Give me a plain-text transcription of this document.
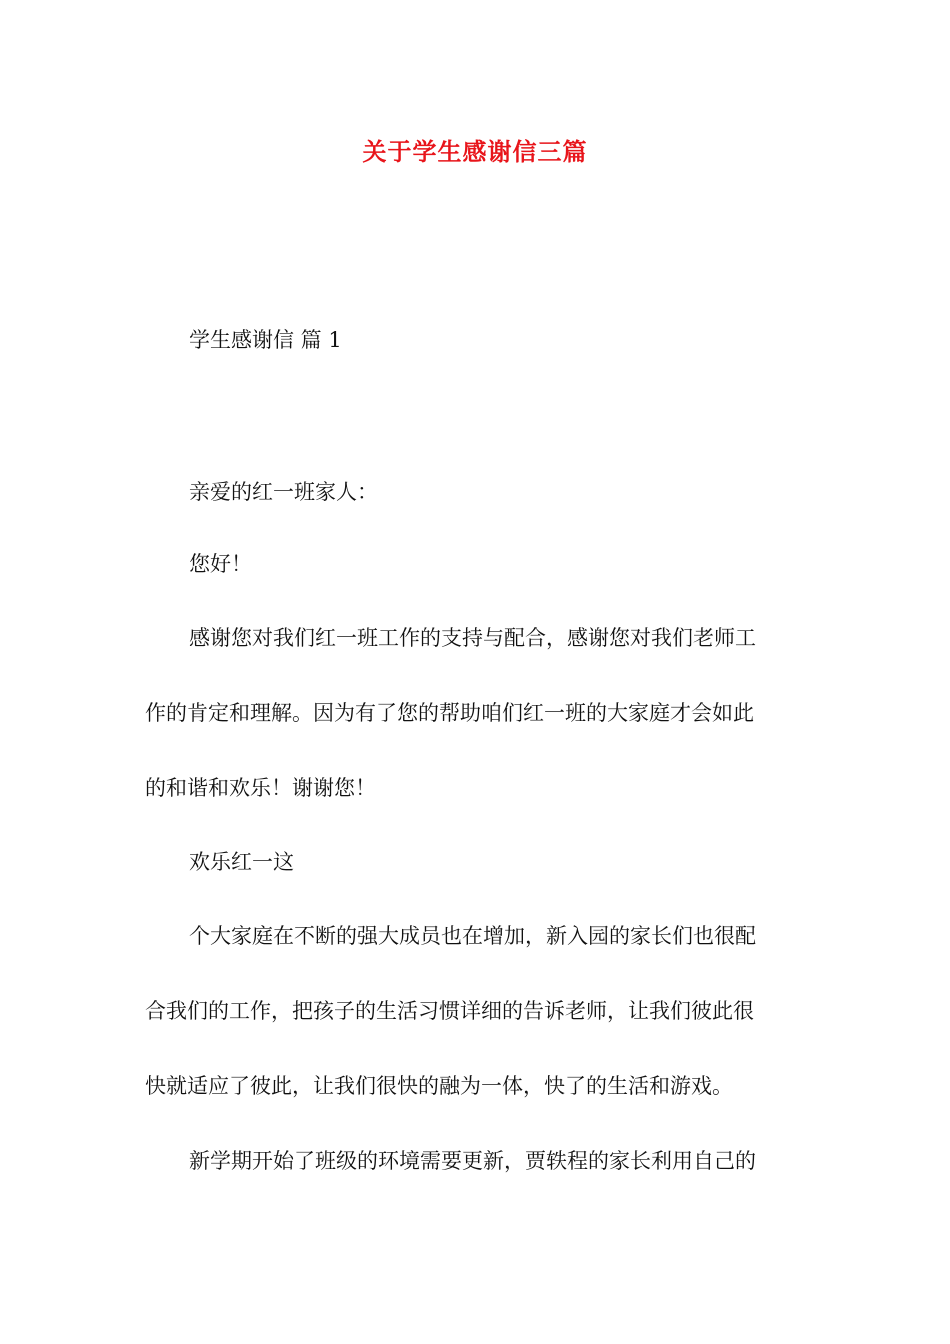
关于学生感谢信三篇
学生感谢信 篇 1
亲爱的红一班家人：
您好！
感谢您对我们红一班工作的支持与配合，感谢您对我们老师工
作的肯定和理解。因为有了您的帮助咱们红一班的大家庭才会如此
的和谐和欢乐！谢谢您！
欢乐红一这
个大家庭在不断的强大成员也在增加，新入园的家长们也很配
合我们的工作，把孩子的生活习惯详细的告诉老师，让我们彼此很
快就适应了彼此，让我们很快的融为一体，快了的生活和游戏。
新学期开始了班级的环境需要更新，贾轶程的家长利用自己的
